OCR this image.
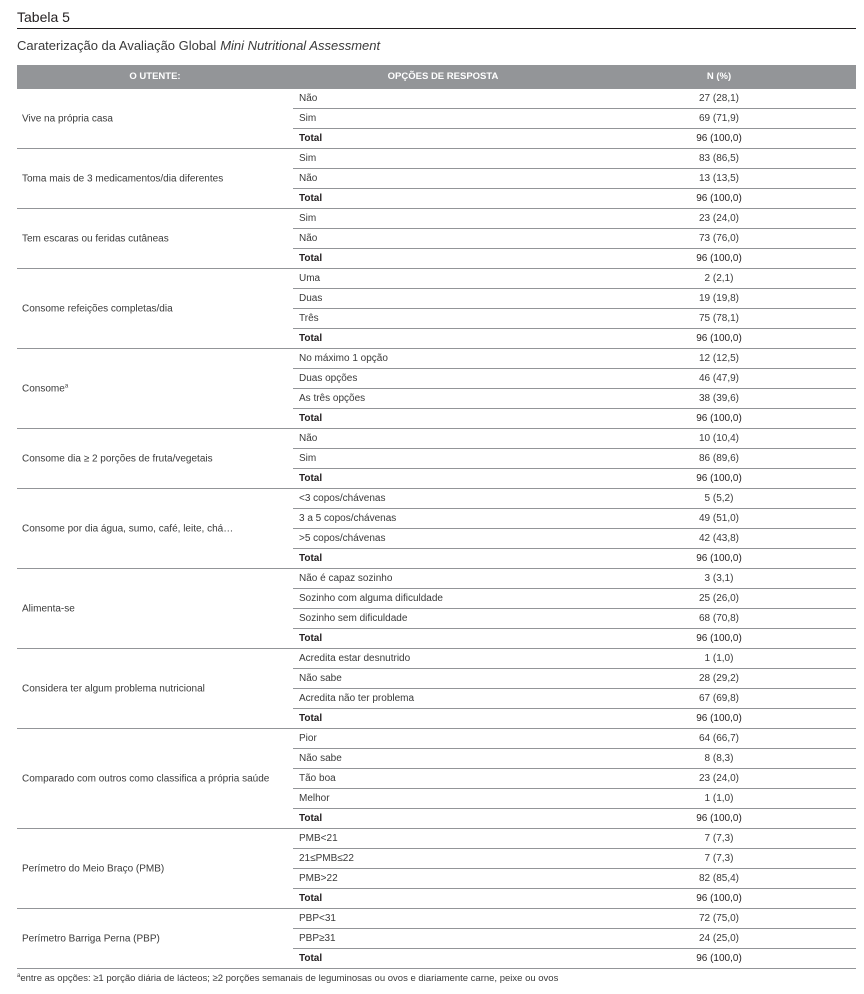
Tabela 5
Caraterização da Avaliação Global Mini Nutritional Assessment
O UTENTE:	OPÇÕES DE RESPOSTA	N (%)
Vive na própria casa
Não	27 (28,1)
Sim	69 (71,9)
Total	96 (100,0)
Toma mais de 3 medicamentos/dia diferentes
Sim	83 (86,5)
Não	13 (13,5)
Total	96 (100,0)
Tem escaras ou feridas cutâneas
Sim	23 (24,0)
Não	73 (76,0)
Total	96 (100,0)
Consome refeições completas/dia
Uma	2 (2,1)
Duas	19 (19,8)
Três	75 (78,1)
Total	96 (100,0)
Consome$^a$
No máximo 1 opção	12 (12,5)
Duas opções	46 (47,9)
As três opções	38 (39,6)
Total	96 (100,0)
Consome dia ≥ 2 porções de fruta/vegetais
Não	10 (10,4)
Sim	86 (89,6)
Total	96 (100,0)
Consome por dia água, sumo, café, leite, chá…
<3 copos/chávenas	5 (5,2)
3 a 5 copos/chávenas	49 (51,0)
>5 copos/chávenas	42 (43,8)
Total	96 (100,0)
Alimenta-se
Não é capaz sozinho	3 (3,1)
Sozinho com alguma dificuldade	25 (26,0)
Sozinho sem dificuldade	68 (70,8)
Total	96 (100,0)
Considera ter algum problema nutricional
Acredita estar desnutrido	1 (1,0)
Não sabe	28 (29,2)
Acredita não ter problema	67 (69,8)
Total	96 (100,0)
Comparado com outros como classifica a própria saúde
Pior	64 (66,7)
Não sabe	8 (8,3)
Tão boa	23 (24,0)
Melhor	1 (1,0)
Total	96 (100,0)
Perímetro do Meio Braço (PMB)
PMB<21	7 (7,3)
21≤PMB≤22	7 (7,3)
PMB>22	82 (85,4)
Total	96 (100,0)
Perímetro Barriga Perna (PBP)
PBP<31	72 (75,0)
PBP≥31	24 (25,0)
Total	96 (100,0)
$^a$entre as opções: ≥1 porção diária de lácteos; ≥2 porções semanais de leguminosas ou ovos e diariamente carne, peixe ou ovos
